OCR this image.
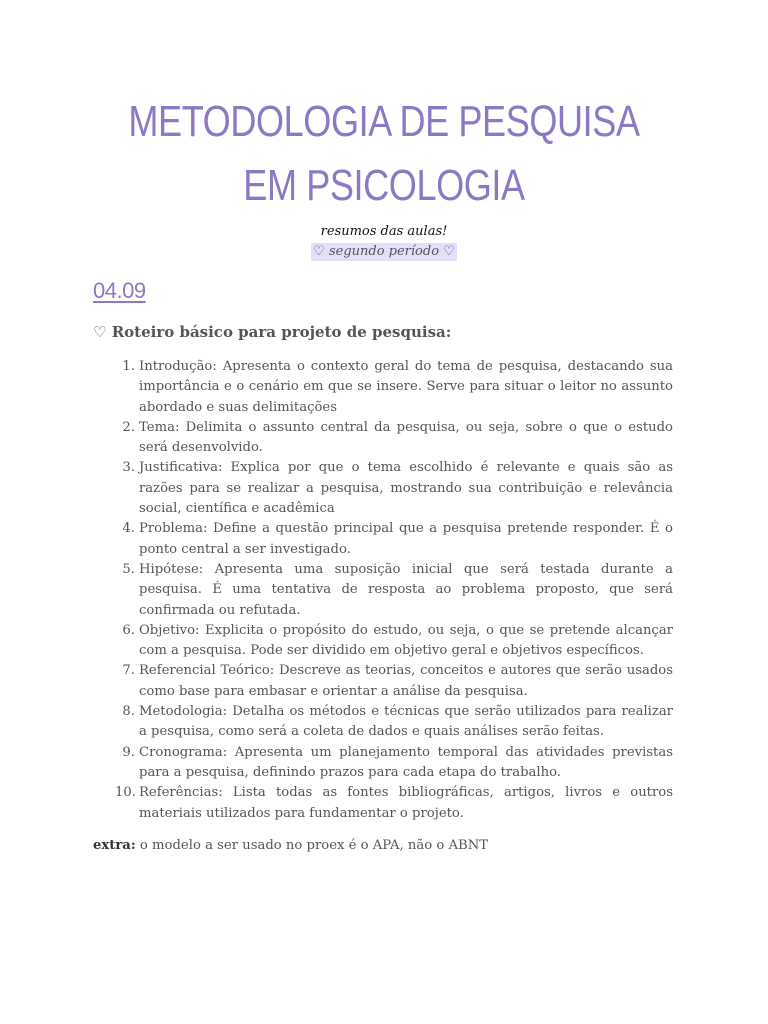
METODOLOGIA DE PESQUISA
EM PSICOLOGIA
resumos das aulas!
♡ segundo período ♡
04.09
♡ Roteiro básico para projeto de pesquisa:
1. Introdução: Apresenta o contexto geral do tema de pesquisa, destacando sua importância e o cenário em que se insere. Serve para situar o leitor no assunto abordado e suas delimitações
2. Tema: Delimita o assunto central da pesquisa, ou seja, sobre o que o estudo será desenvolvido.
3. Justificativa: Explica por que o tema escolhido é relevante e quais são as razões para se realizar a pesquisa, mostrando sua contribuição e relevância social, científica e acadêmica
4. Problema: Define a questão principal que a pesquisa pretende responder. É o ponto central a ser investigado.
5. Hipótese: Apresenta uma suposição inicial que será testada durante a pesquisa. É uma tentativa de resposta ao problema proposto, que será confirmada ou refutada.
6. Objetivo: Explicita o propósito do estudo, ou seja, o que se pretende alcançar com a pesquisa. Pode ser dividido em objetivo geral e objetivos específicos.
7. Referencial Teórico: Descreve as teorias, conceitos e autores que serão usados como base para embasar e orientar a análise da pesquisa.
8. Metodologia: Detalha os métodos e técnicas que serão utilizados para realizar a pesquisa, como será a coleta de dados e quais análises serão feitas.
9. Cronograma: Apresenta um planejamento temporal das atividades previstas para a pesquisa, definindo prazos para cada etapa do trabalho.
10. Referências: Lista todas as fontes bibliográficas, artigos, livros e outros materiais utilizados para fundamentar o projeto.
extra: o modelo a ser usado no proex é o APA, não o ABNT
